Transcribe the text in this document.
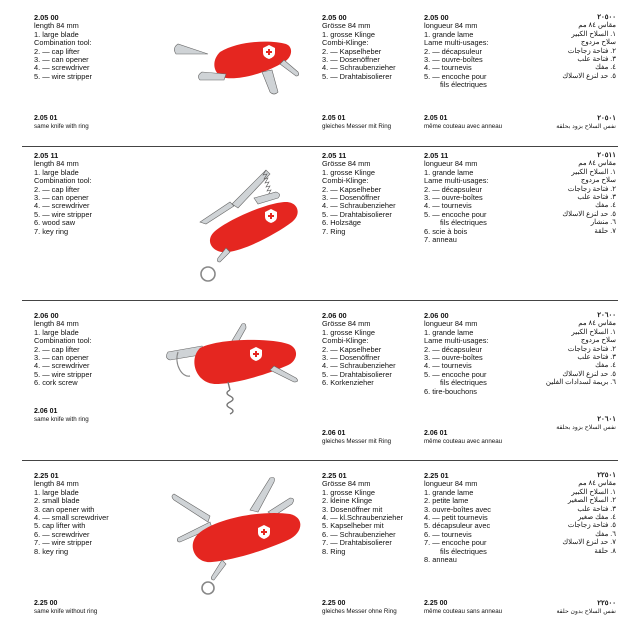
2.05 00
length 84 mm
1. large blade
Combination tool:
2. — cap lifter
3. — can opener
4. — screwdriver
5. — wire stripper
2.05 01
same knife with ring
2.05 00
Grösse 84 mm
1. grosse Klinge
Combi-Klinge:
2. — Kapselheber
3. — Dosenöffner
4. — Schraubenzieher
5. — Drahtabisolierer
2.05 01
gleiches Messer mit Ring
2.05 00
longueur 84 mm
1. grande lame
Lame multi-usages:
2. — décapsuleur
3. — ouvre-boîtes
4. — tournevis
5. — encoche pour
fils électriques
2.05 01
même couteau avec anneau
٢٠٥٠٠
مقاس ٨٤ مم
١. السلاح الكبير
سلاح مزدوج
٢. فتاحة زجاجات
٣. فتاحة علب
٤. مفك
٥. حد لنزع الاسلاك
٢٠٥٠١
نفس السلاح بزود بحلقة
2.05 11
length 84 mm
1. large blade
Combination tool:
2. — cap lifter
3. — can opener
4. — screwdriver
5. — wire stripper
6. wood saw
7. key ring
2.05 11
Grösse 84 mm
1. grosse Klinge
Combi-Klinge:
2. — Kapselheber
3. — Dosenöffner
4. — Schraubenzieher
5. — Drahtabisolierer
6. Holzsäge
7. Ring
2.05 11
longueur 84 mm
1. grande lame
Lame multi-usages:
2. — décapsuleur
3. — ouvre-boîtes
4. — tournevis
5. — encoche pour
fils électriques
6. scie à bois
7. anneau
٢٠٥١١
مقاس ٨٤ مم
١. السلاح الكبير
سلاح مزدوج
٢. فتاحة زجاجات
٣. فتاحة علب
٤. مفك
٥. حد لنزع الاسلاك
٦. منشار
٧. حلقة
2.06 00
length 84 mm
1. large blade
Combination tool:
2. — cap lifter
3. — can opener
4. — screwdriver
5. — wire stripper
6. cork screw
2.06 01
same knife with ring
2.06 00
Grösse 84 mm
1. grosse Klinge
Combi-Klinge:
2. — Kapselheber
3. — Dosenöffner
4. — Schraubenzieher
5. — Drahtabisolierer
6. Korkenzieher
2.06 01
gleiches Messer mit Ring
2.06 00
longueur 84 mm
1. grande lame
Lame multi-usages:
2. — décapsuleur
3. — ouvre-boîtes
4. — tournevis
5. — encoche pour
fils électriques
6. tire-bouchons
2.06 01
même couteau avec anneau
٢٠٦٠٠
مقاس ٨٤ مم
١. السلاح الكبير
سلاح مزدوج
٢. فتاحة زجاجات
٣. فتاحة علب
٤. مفك
٥. حد لنزع الاسلاك
٦. بريمة لسدادات الفلين
٢٠٦٠١
نفس السلاح بزود بحلقة
2.25 01
length 84 mm
1. large blade
2. small blade
3. can opener with
4. — small screwdriver
5. cap lifter with
6. — screwdriver
7. — wire stripper
8. key ring
2.25 00
same knife without ring
2.25 01
Grösse 84 mm
1. grosse Klinge
2. kleine Klinge
3. Dosenöffner mit
4. — kl.Schraubenzieher
5. Kapselheber mit
6. — Schraubenzieher
7. — Drahtabisolierer
8. Ring
2.25 00
gleiches Messer ohne Ring
2.25 01
longueur 84 mm
1. grande lame
2. petite lame
3. ouvre-boîtes avec
4. — petit tournevis
5. décapsuleur avec
6. — tournevis
7. — encoche pour
fils électriques
8. anneau
2.25 00
même couteau sans anneau
٢٢٥٠١
مقاس ٨٤ مم
١. السلاح الكبير
٢. السلاح الصغير
٣. فتاحة علب
٤. مفك صغير
٥. فتاحة زجاجات
٦. مفك
٧. حد لنزع الاسلاك
٨. حلقة
٢٢٥٠٠
نفس السلاح بدون حلقة
